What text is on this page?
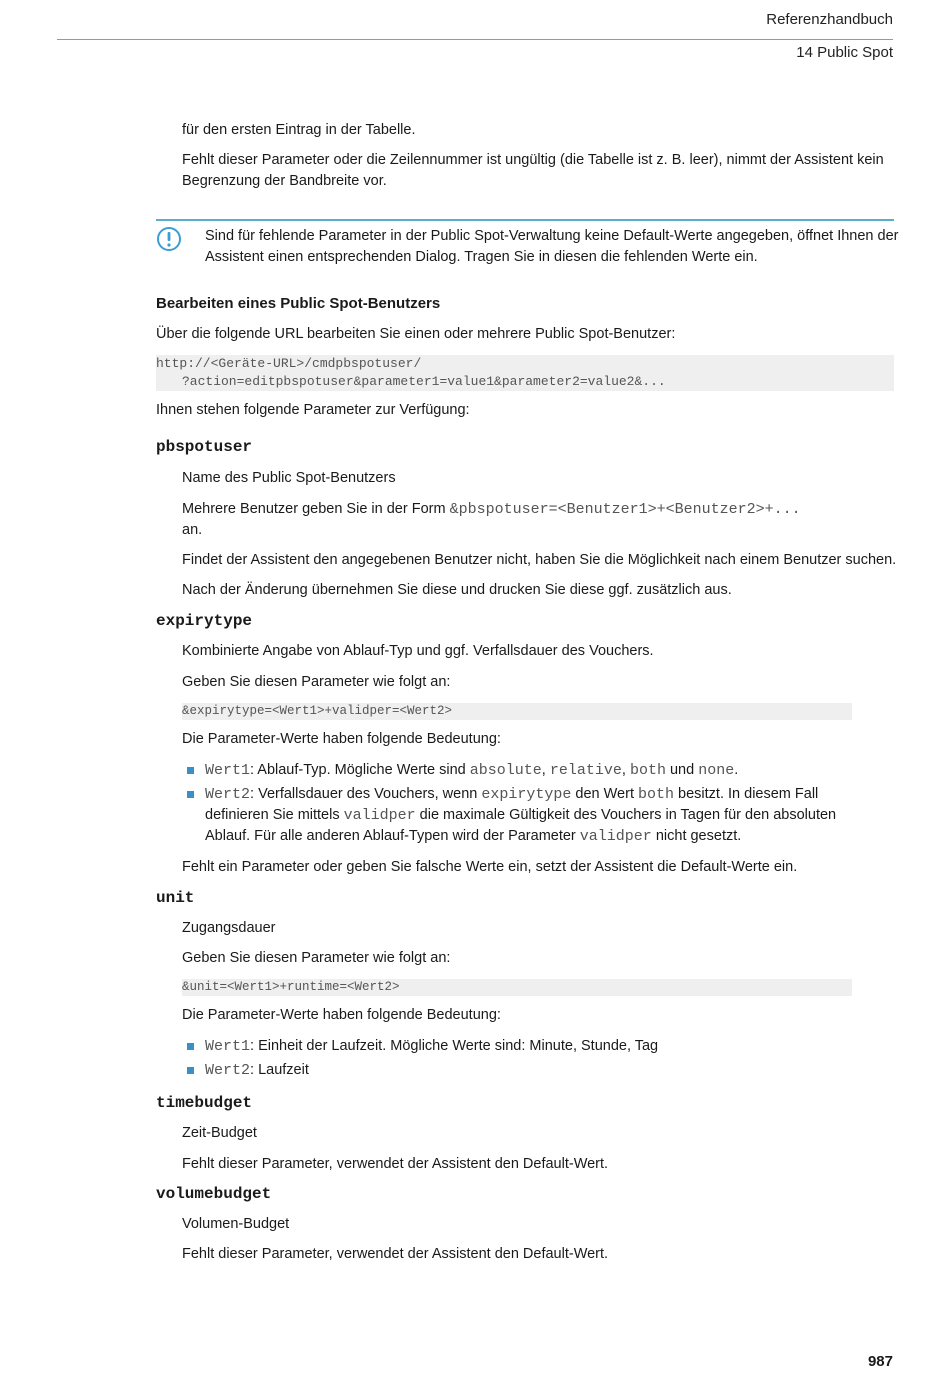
Referenzhandbuch
14 Public Spot

für den ersten Eintrag in der Tabelle.

Fehlt dieser Parameter oder die Zeilennummer ist ungültig (die Tabelle ist z. B. leer), nimmt der Assistent kein

Begrenzung der Bandbreite vor.

Sind für fehlende Parameter in der Public Spot-Verwaltung keine Default-Werte angegeben, öffnet Ihnen der

Assistent einen entsprechenden Dialog. Tragen Sie in diesen die fehlenden Werte ein.

Bearbeiten eines Public Spot-Benutzers

Über die folgende URL bearbeiten Sie einen oder mehrere Public Spot-Benutzer:

http://<Geräte-URL>/cmdpbspotuser/
?action=editpbspotuser&parameter1=value1&parameter2=value2&...

Ihnen stehen folgende Parameter zur Verfügung:

pbspotuser

Name des Public Spot-Benutzers

Mehrere Benutzer geben Sie in der Form &pbspotuser=<Benutzer1>+<Benutzer2>+...

an.

Findet der Assistent den angegebenen Benutzer nicht, haben Sie die Möglichkeit nach einem Benutzer suchen.

Nach der Änderung übernehmen Sie diese und drucken Sie diese ggf. zusätzlich aus.

expirytype

Kombinierte Angabe von Ablauf-Typ und ggf. Verfallsdauer des Vouchers.

Geben Sie diesen Parameter wie folgt an:

&expirytype=<Wert1>+validper=<Wert2>

Die Parameter-Werte haben folgende Bedeutung:

Wert1: Ablauf-Typ. Mögliche Werte sind absolute, relative, both und none.

Wert2: Verfallsdauer des Vouchers, wenn expirytype den Wert both besitzt. In diesem Fall

definieren Sie mittels validper die maximale Gültigkeit des Vouchers in Tagen für den absoluten

Ablauf. Für alle anderen Ablauf-Typen wird der Parameter validper nicht gesetzt.

Fehlt ein Parameter oder geben Sie falsche Werte ein, setzt der Assistent die Default-Werte ein.

unit

Zugangsdauer

Geben Sie diesen Parameter wie folgt an:

&unit=<Wert1>+runtime=<Wert2>

Die Parameter-Werte haben folgende Bedeutung:

Wert1: Einheit der Laufzeit. Mögliche Werte sind: Minute, Stunde, Tag

Wert2: Laufzeit

timebudget

Zeit-Budget

Fehlt dieser Parameter, verwendet der Assistent den Default-Wert.

volumebudget

Volumen-Budget

Fehlt dieser Parameter, verwendet der Assistent den Default-Wert.

987
